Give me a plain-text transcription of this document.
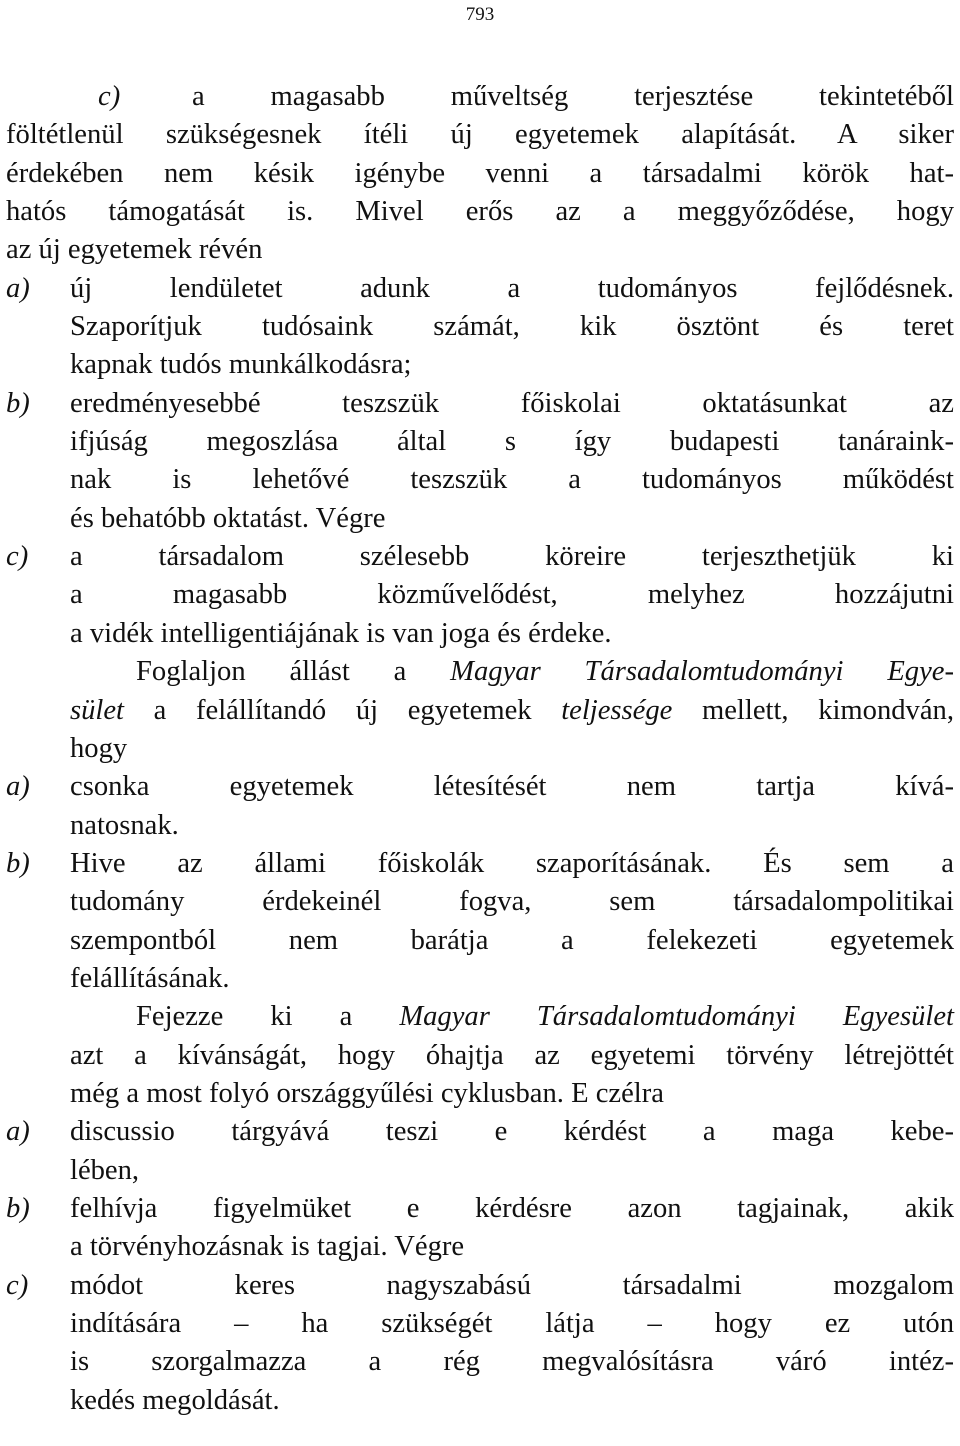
793
c)	a magasabb műveltség terjesztése tekintetéből
föltétlenül szükségesnek ítéli új egyetemek alapítását. A siker
érdekében nem késik igénybe venni a társadalmi körök hat-
hatós támogatását is. Mivel erős az a meggyőződése, hogy
az új egyetemek révén
a) új lendületet adunk a tudományos fejlődésnek.
Szaporítjuk tudósaink számát, kik ösztönt és teret
kapnak tudós munkálkodásra;
b) eredményesebbé teszszük főiskolai oktatásunkat az
ifjúság megoszlása által s így budapesti tanáraink-
nak is lehetővé teszszük a tudományos működést
és behatóbb oktatást. Végre
c) a társadalom szélesebb köreire terjeszthetjük ki
a magasabb közművelődést, melyhez hozzájutni
a vidék intelligentiájának is van joga és érdeke.
Foglaljon állást a Magyar Társadalomtudományi Egye-
sület a felállítandó új egyetemek teljessége mellett, kimondván,
hogy
a) csonka egyetemek létesítését nem tartja kívá-
natosnak.
b) Hive az állami főiskolák szaporításának. És sem a
tudomány érdekeinél fogva, sem társadalompolitikai
szempontból nem barátja a felekezeti egyetemek
felállításának.
Fejezze ki a Magyar Társadalomtudományi Egyesület
azt a kívánságát, hogy óhajtja az egyetemi törvény létrejöttét
még a most folyó országgyűlési cyklusban. E czélra
a) discussio tárgyává teszi e kérdést a maga kebe-
lében,
b) felhívja figyelmüket e kérdésre azon tagjainak, akik
a törvényhozásnak is tagjai. Végre
c) módot keres nagyszabású társadalmi mozgalom
indítására – ha szükségét látja – hogy ez utón
is szorgalmazza a rég megvalósításra váró intéz-
kedés megoldását.
